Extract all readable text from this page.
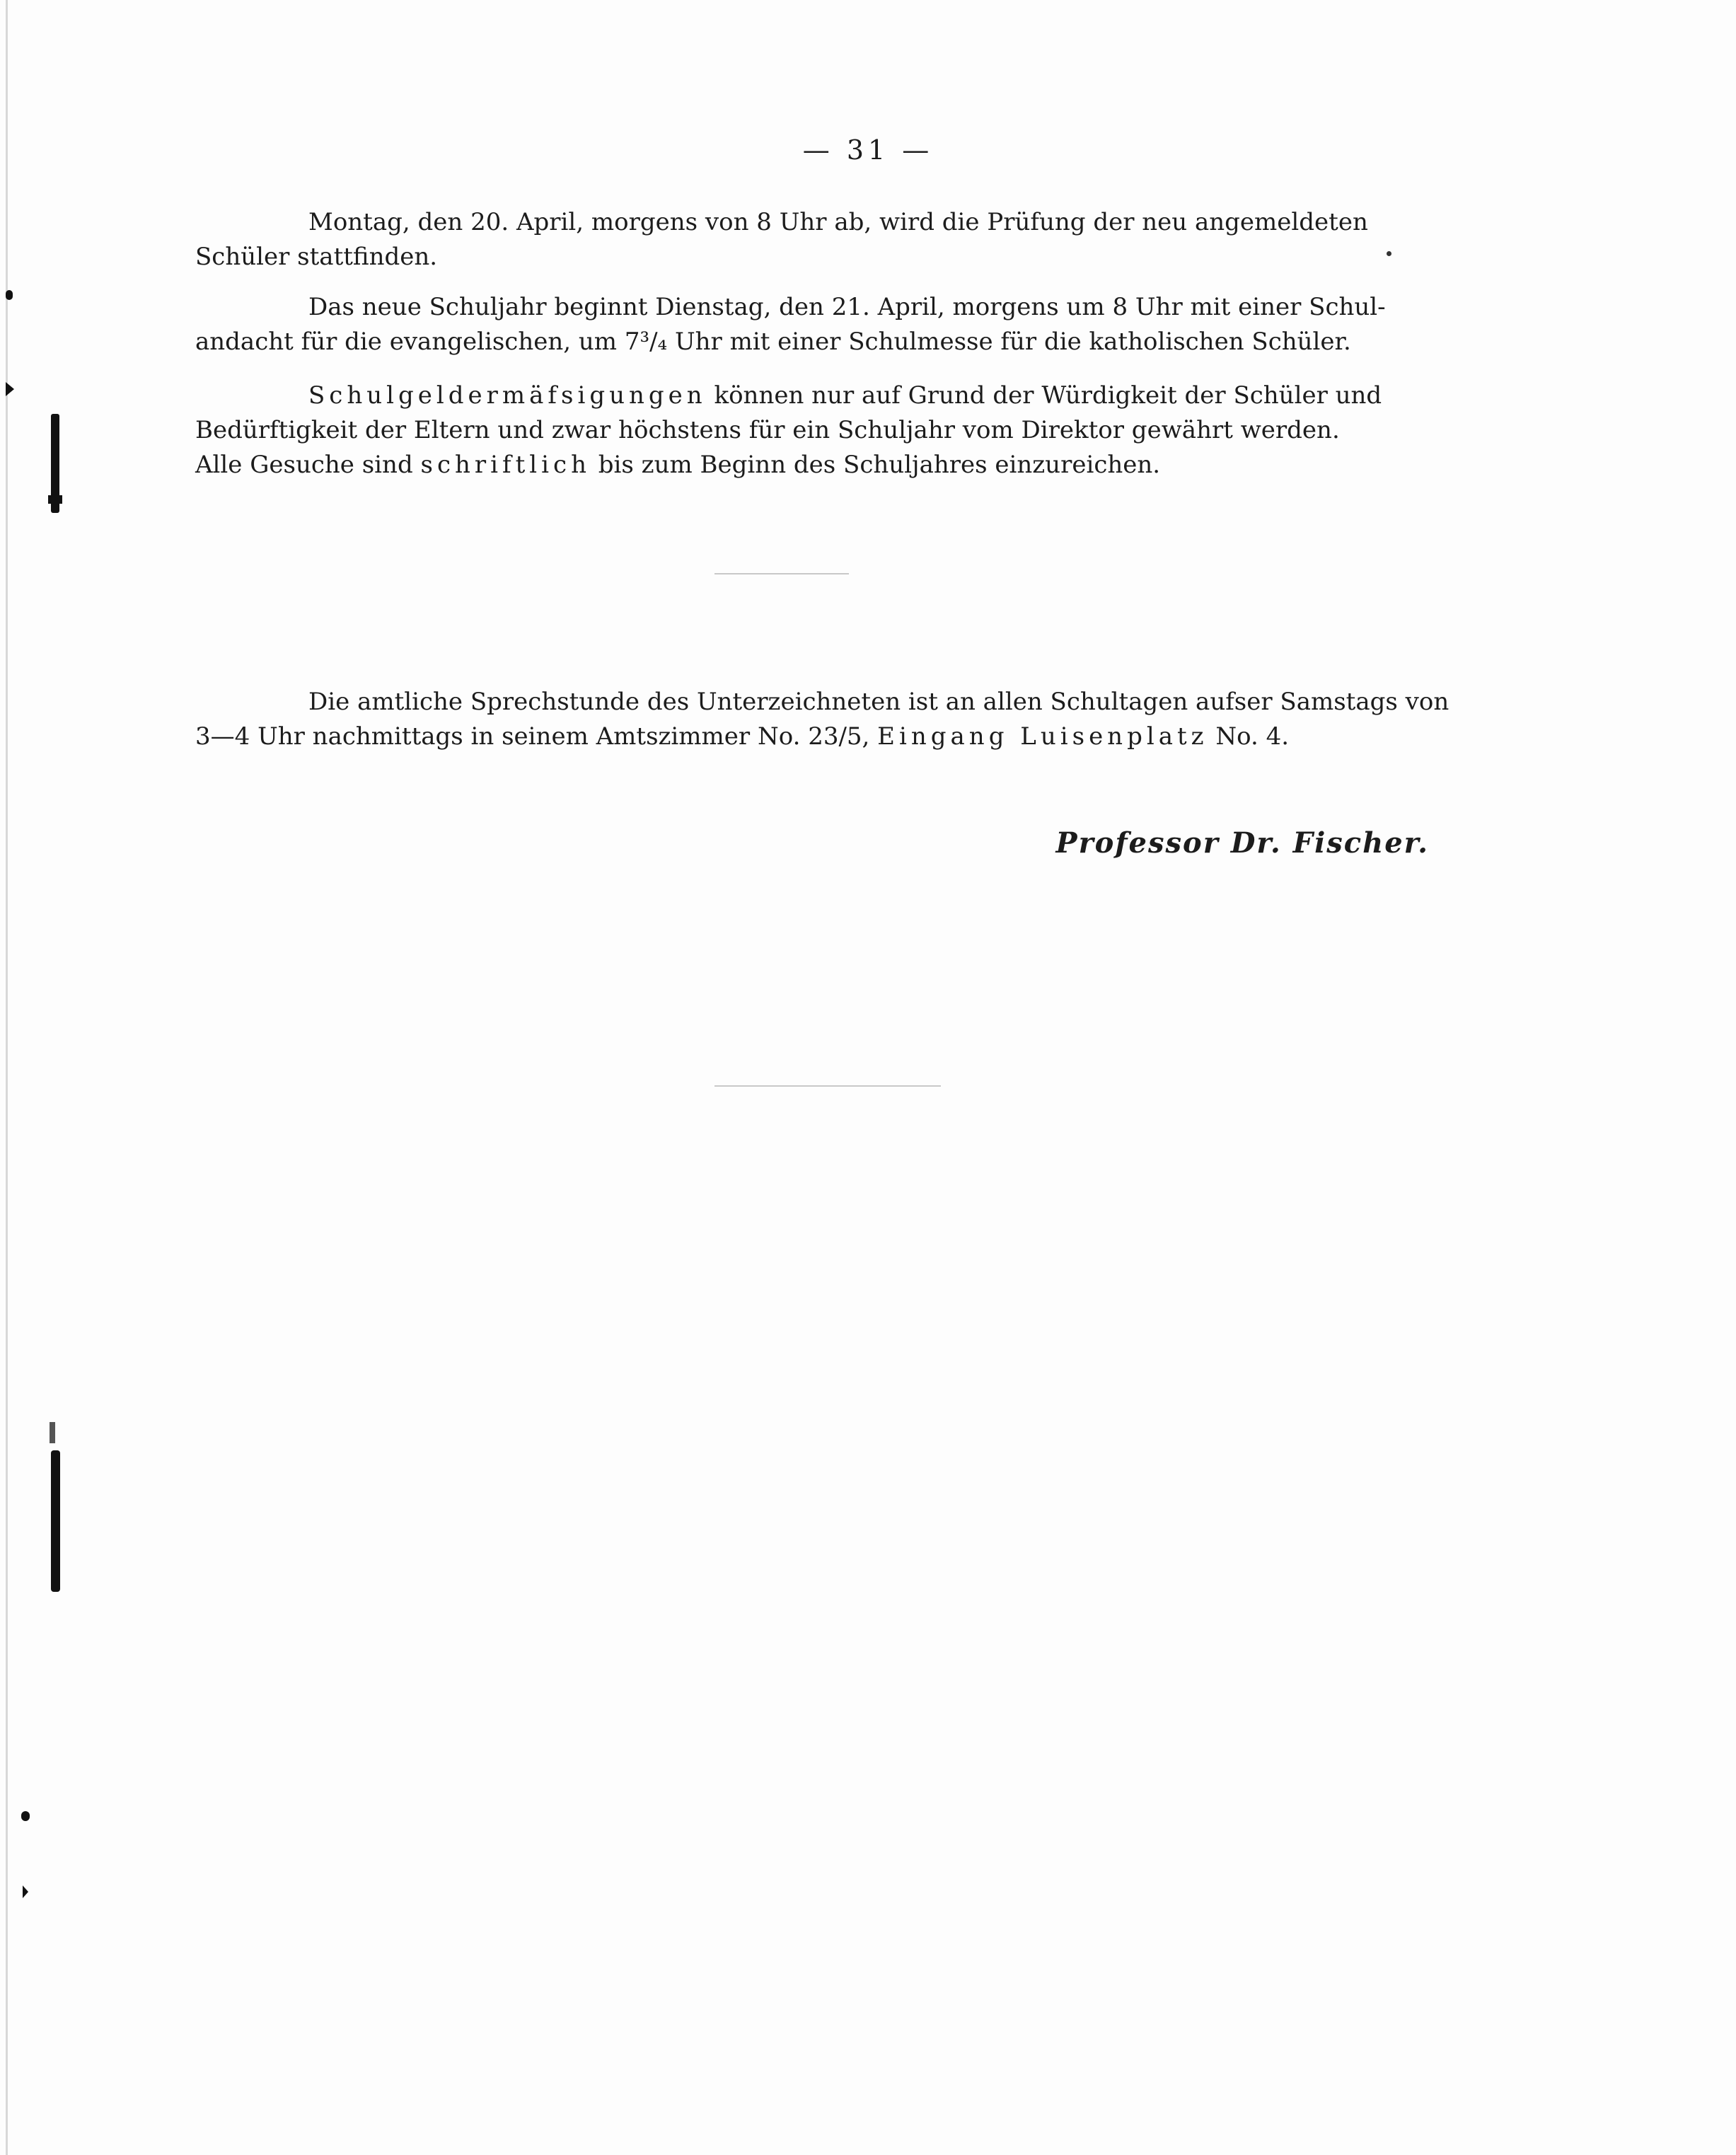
— 31 —

Montag, den 20. April, morgens von 8 Uhr ab, wird die Prüfung der neu angemeldeten
Schüler stattfinden.

Das neue Schuljahr beginnt Dienstag, den 21. April, morgens um 8 Uhr mit einer Schul-
andacht für die evangelischen, um 7³/₄ Uhr mit einer Schulmesse für die katholischen Schüler.

Schulgeldermäfsigungen können nur auf Grund der Würdigkeit der Schüler und
Bedürftigkeit der Eltern und zwar höchstens für ein Schuljahr vom Direktor gewährt werden.
Alle Gesuche sind schriftlich bis zum Beginn des Schuljahres einzureichen.

Die amtliche Sprechstunde des Unterzeichneten ist an allen Schultagen aufser Samstags von
3—4 Uhr nachmittags in seinem Amtszimmer No. 23/5, Eingang Luisenplatz No. 4.

Professor Dr. Fischer.
